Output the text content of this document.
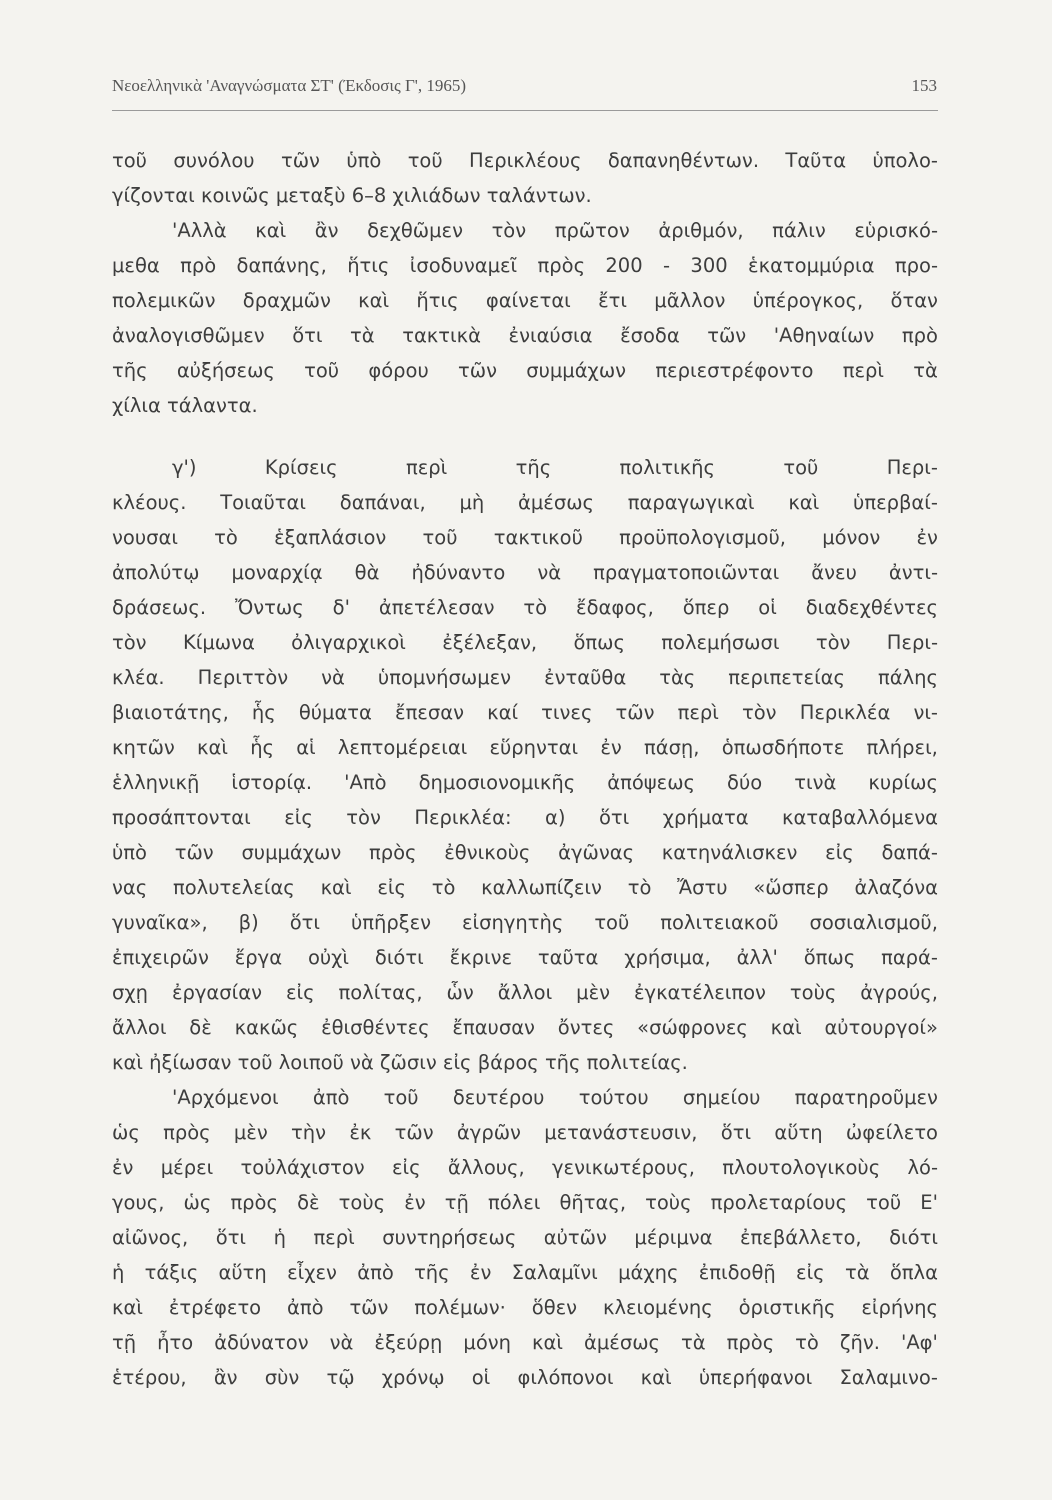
Νεοελληνικὰ 'Αναγνώσματα ΣΤ' (Έκδοσις Γ', 1965)	153
τοῦ συνόλου τῶν ὑπὸ τοῦ Περικλέους δαπανηθέντων. Ταῦτα ὑπολο-
γίζονται κοινῶς μεταξὺ 6–8 χιλιάδων ταλάντων.
'Αλλὰ καὶ ἂν δεχθῶμεν τὸν πρῶτον ἀριθμόν, πάλιν εὑρισκό-
μεθα πρὸ δαπάνης, ἥτις ἰσοδυναμεῖ πρὸς 200 - 300 ἑκατομμύρια προ-
πολεμικῶν δραχμῶν καὶ ἥτις φαίνεται ἔτι μᾶλλον ὑπέρογκος, ὅταν
ἀναλογισθῶμεν ὅτι τὰ τακτικὰ ἐνιαύσια ἔσοδα τῶν 'Αθηναίων πρὸ
τῆς αὐξήσεως τοῦ φόρου τῶν συμμάχων περιεστρέφοντο περὶ τὰ
χίλια τάλαντα.
γ')	Κρίσεις	περὶ	τῆς	πολιτικῆς	τοῦ	Περι-
κλέους. Τοιαῦται δαπάναι, μὴ ἀμέσως παραγωγικαὶ καὶ ὑπερβαί-
νουσαι τὸ ἑξαπλάσιον τοῦ τακτικοῦ προϋπολογισμοῦ, μόνον ἐν
ἀπολύτῳ μοναρχίᾳ θὰ ἠδύναντο νὰ πραγματοποιῶνται ἄνευ ἀντι-
δράσεως. Ὄντως δ' ἀπετέλεσαν τὸ ἔδαφος, ὅπερ οἱ διαδεχθέντες
τὸν Κίμωνα ὀλιγαρχικοὶ ἐξέλεξαν, ὅπως πολεμήσωσι τὸν Περι-
κλέα. Περιττὸν νὰ ὑπομνήσωμεν ἐνταῦθα τὰς περιπετείας πάλης
βιαιοτάτης, ἧς θύματα ἔπεσαν καί τινες τῶν περὶ τὸν Περικλέα νι-
κητῶν καὶ ἧς αἱ λεπτομέρειαι εὕρηνται ἐν πάσῃ, ὁπωσδήποτε πλήρει,
ἑλληνικῇ ἱστορίᾳ. 'Απὸ δημοσιονομικῆς ἀπόψεως δύο τινὰ κυρίως
προσάπτονται εἰς τὸν Περικλέα: α) ὅτι χρήματα καταβαλλόμενα
ὑπὸ τῶν συμμάχων πρὸς ἐθνικοὺς ἀγῶνας κατηνάλισκεν εἰς δαπά-
νας πολυτελείας καὶ εἰς τὸ καλλωπίζειν τὸ Ἄστυ «ὥσπερ ἀλαζόνα
γυναῖκα», β) ὅτι ὑπῆρξεν εἰσηγητὴς τοῦ πολιτειακοῦ σοσιαλισμοῦ,
ἐπιχειρῶν ἔργα οὐχὶ διότι ἔκρινε ταῦτα χρήσιμα, ἀλλ' ὅπως παρά-
σχῃ ἐργασίαν εἰς πολίτας, ὧν ἄλλοι μὲν ἐγκατέλειπον τοὺς ἀγρούς,
ἄλλοι δὲ κακῶς ἐθισθέντες ἔπαυσαν ὄντες «σώφρονες καὶ αὐτουργοί»
καὶ ἠξίωσαν τοῦ λοιποῦ νὰ ζῶσιν εἰς βάρος τῆς πολιτείας.
'Αρχόμενοι ἀπὸ τοῦ δευτέρου τούτου σημείου παρατηροῦμεν
ὡς πρὸς μὲν τὴν ἐκ τῶν ἀγρῶν μετανάστευσιν, ὅτι αὕτη ὠφείλετο
ἐν μέρει τοὐλάχιστον εἰς ἄλλους, γενικωτέρους, πλουτολογικοὺς λό-
γους, ὡς πρὸς δὲ τοὺς ἐν τῇ πόλει θῆτας, τοὺς προλεταρίους τοῦ Ε'
αἰῶνος, ὅτι ἡ περὶ συντηρήσεως αὐτῶν μέριμνα ἐπεβάλλετο, διότι
ἡ τάξις αὕτη εἶχεν ἀπὸ τῆς ἐν Σαλαμῖνι μάχης ἐπιδοθῇ εἰς τὰ ὅπλα
καὶ ἐτρέφετο ἀπὸ τῶν πολέμων· ὅθεν κλειομένης ὁριστικῆς εἰρήνης
τῇ ἦτο ἀδύνατον νὰ ἐξεύρῃ μόνη καὶ ἀμέσως τὰ πρὸς τὸ ζῆν. 'Αφ'
ἑτέρου, ἂν σὺν τῷ χρόνῳ οἱ φιλόπονοι καὶ ὑπερήφανοι Σαλαμινο-
